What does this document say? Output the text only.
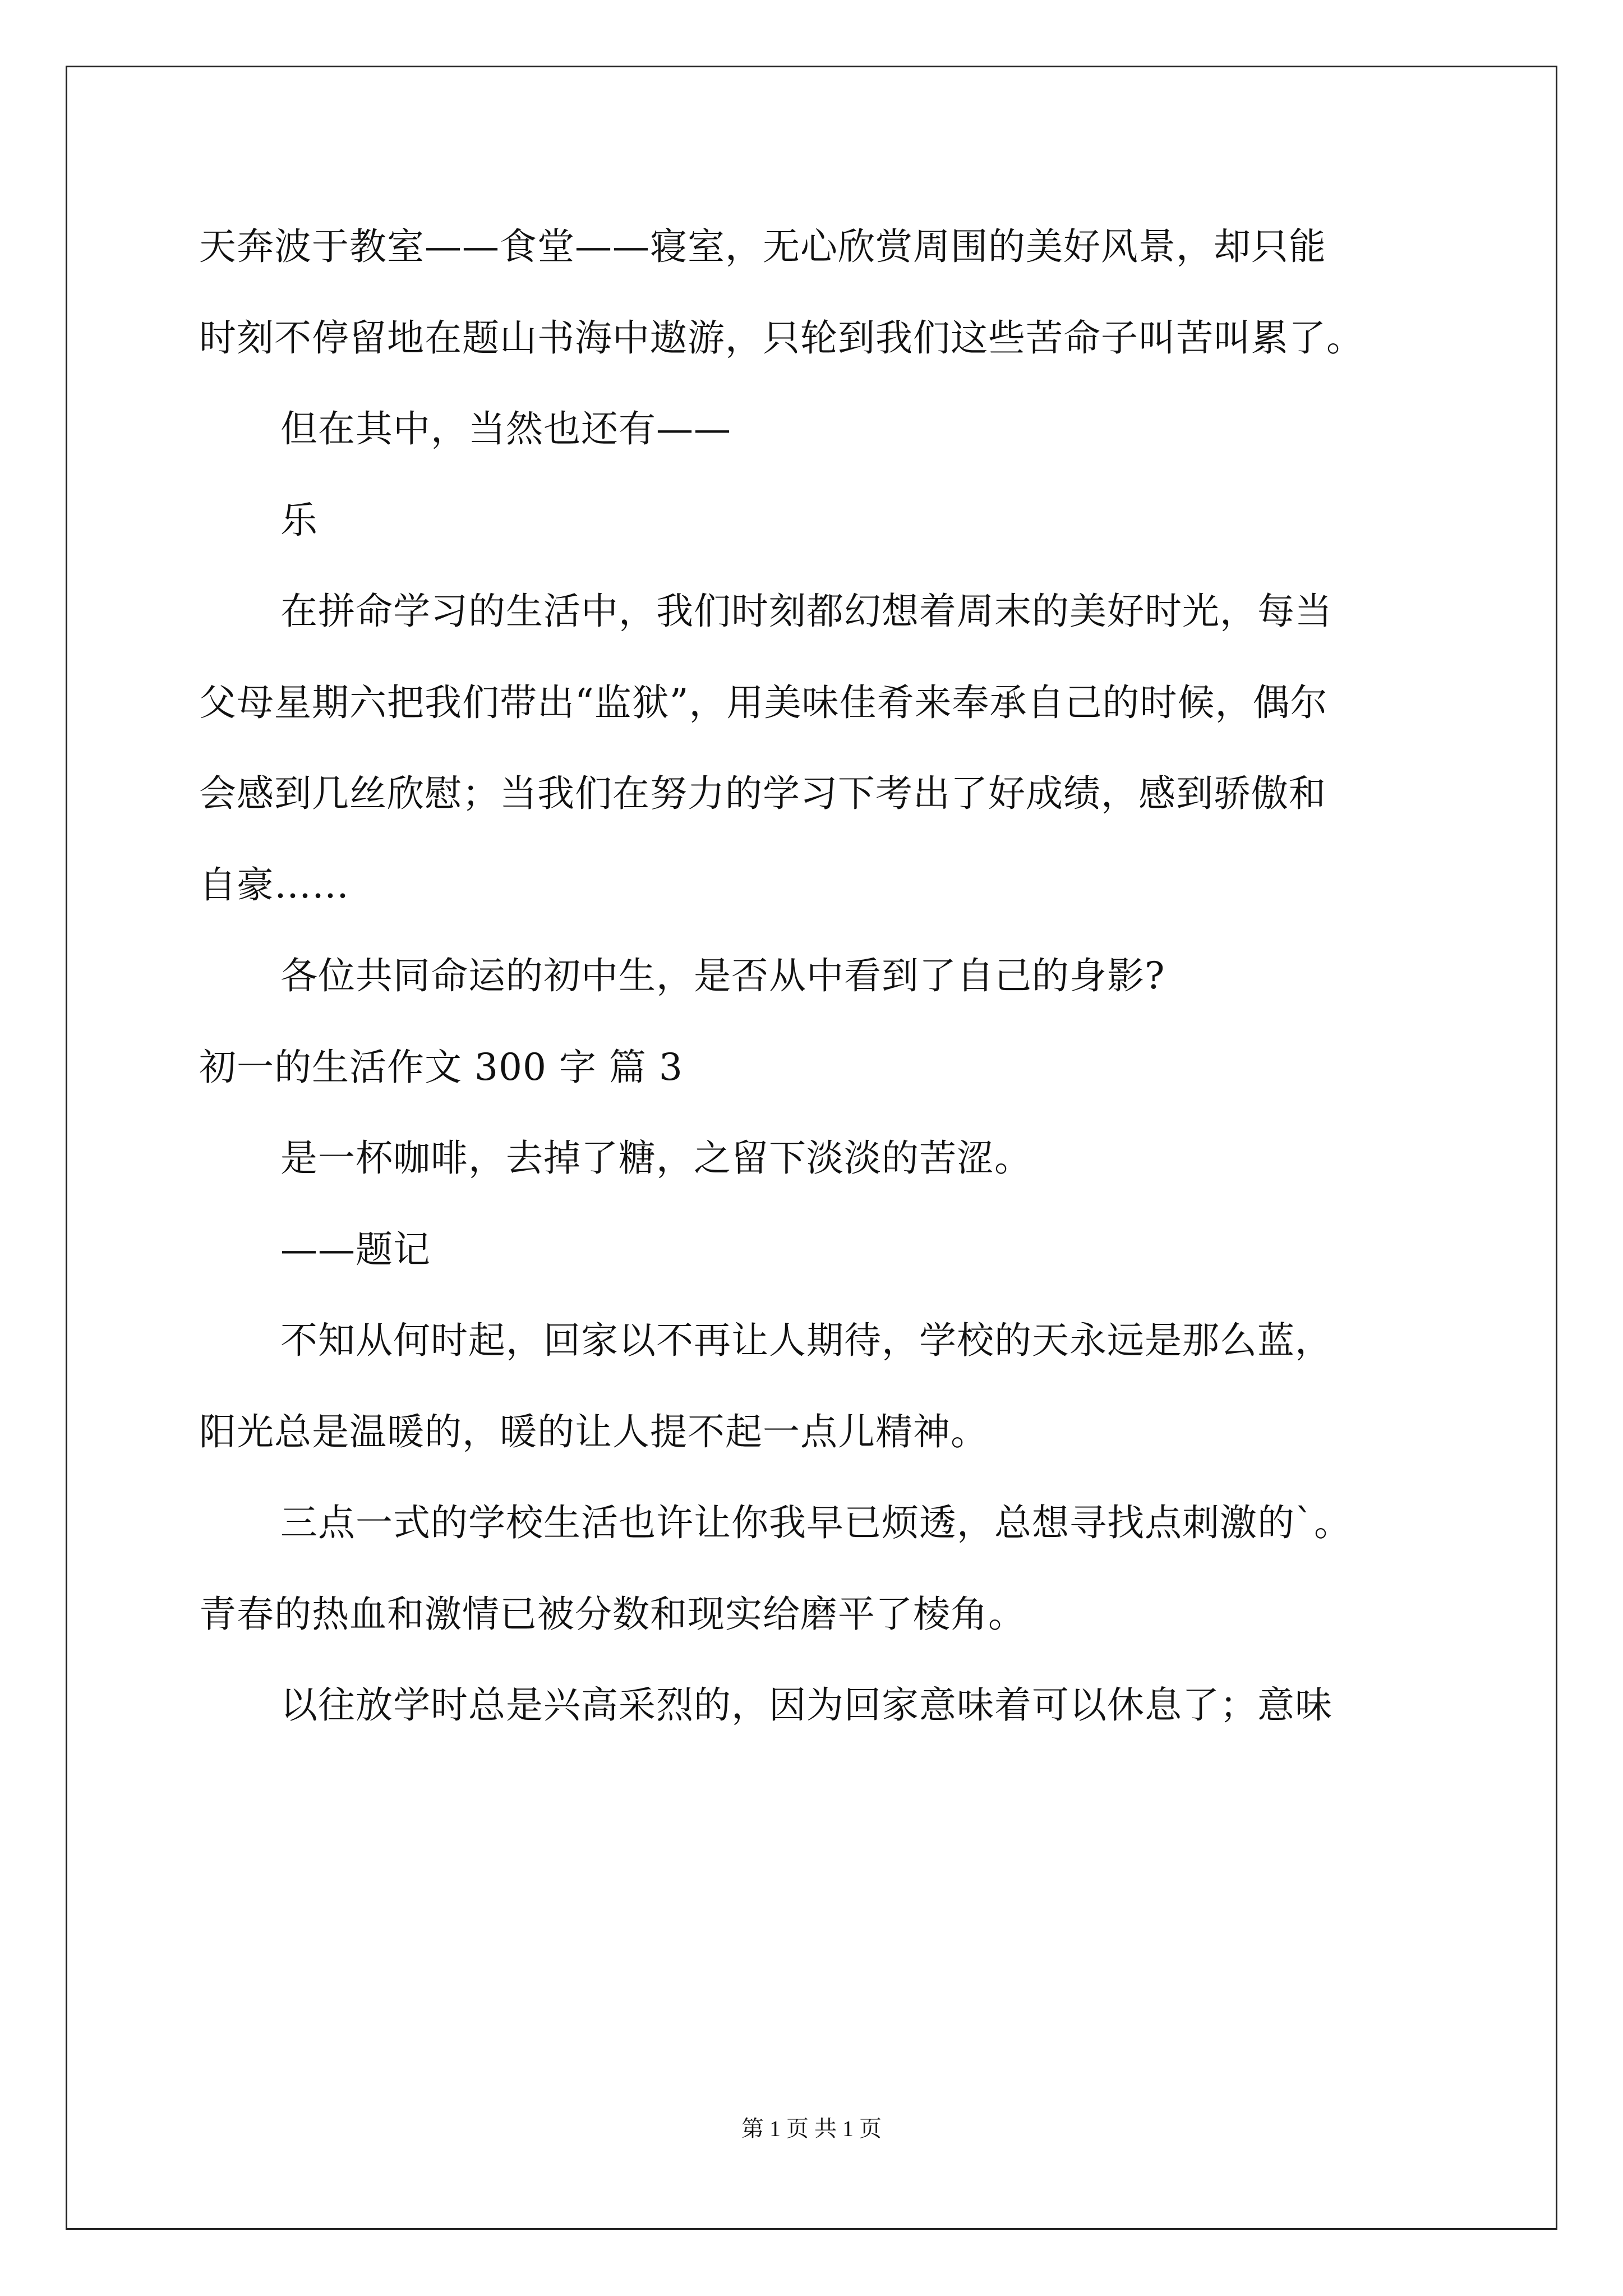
天奔波于教室——食堂——寝室，无心欣赏周围的美好风景，却只能
时刻不停留地在题山书海中遨游，只轮到我们这些苦命子叫苦叫累了。
但在其中，当然也还有——
乐
在拼命学习的生活中，我们时刻都幻想着周末的美好时光，每当
父母星期六把我们带出“监狱”，用美味佳肴来奉承自己的时候，偶尔
会感到几丝欣慰；当我们在努力的学习下考出了好成绩，感到骄傲和
自豪……
各位共同命运的初中生，是否从中看到了自己的身影?
初一的生活作文 300 字 篇 3
是一杯咖啡，去掉了糖，之留下淡淡的苦涩。
——题记
不知从何时起，回家以不再让人期待，学校的天永远是那么蓝，
阳光总是温暖的，暖的让人提不起一点儿精神。
三点一式的学校生活也许让你我早已烦透，总想寻找点刺激的`。
青春的热血和激情已被分数和现实给磨平了棱角。
以往放学时总是兴高采烈的，因为回家意味着可以休息了；意味
第 1 页 共 1 页
